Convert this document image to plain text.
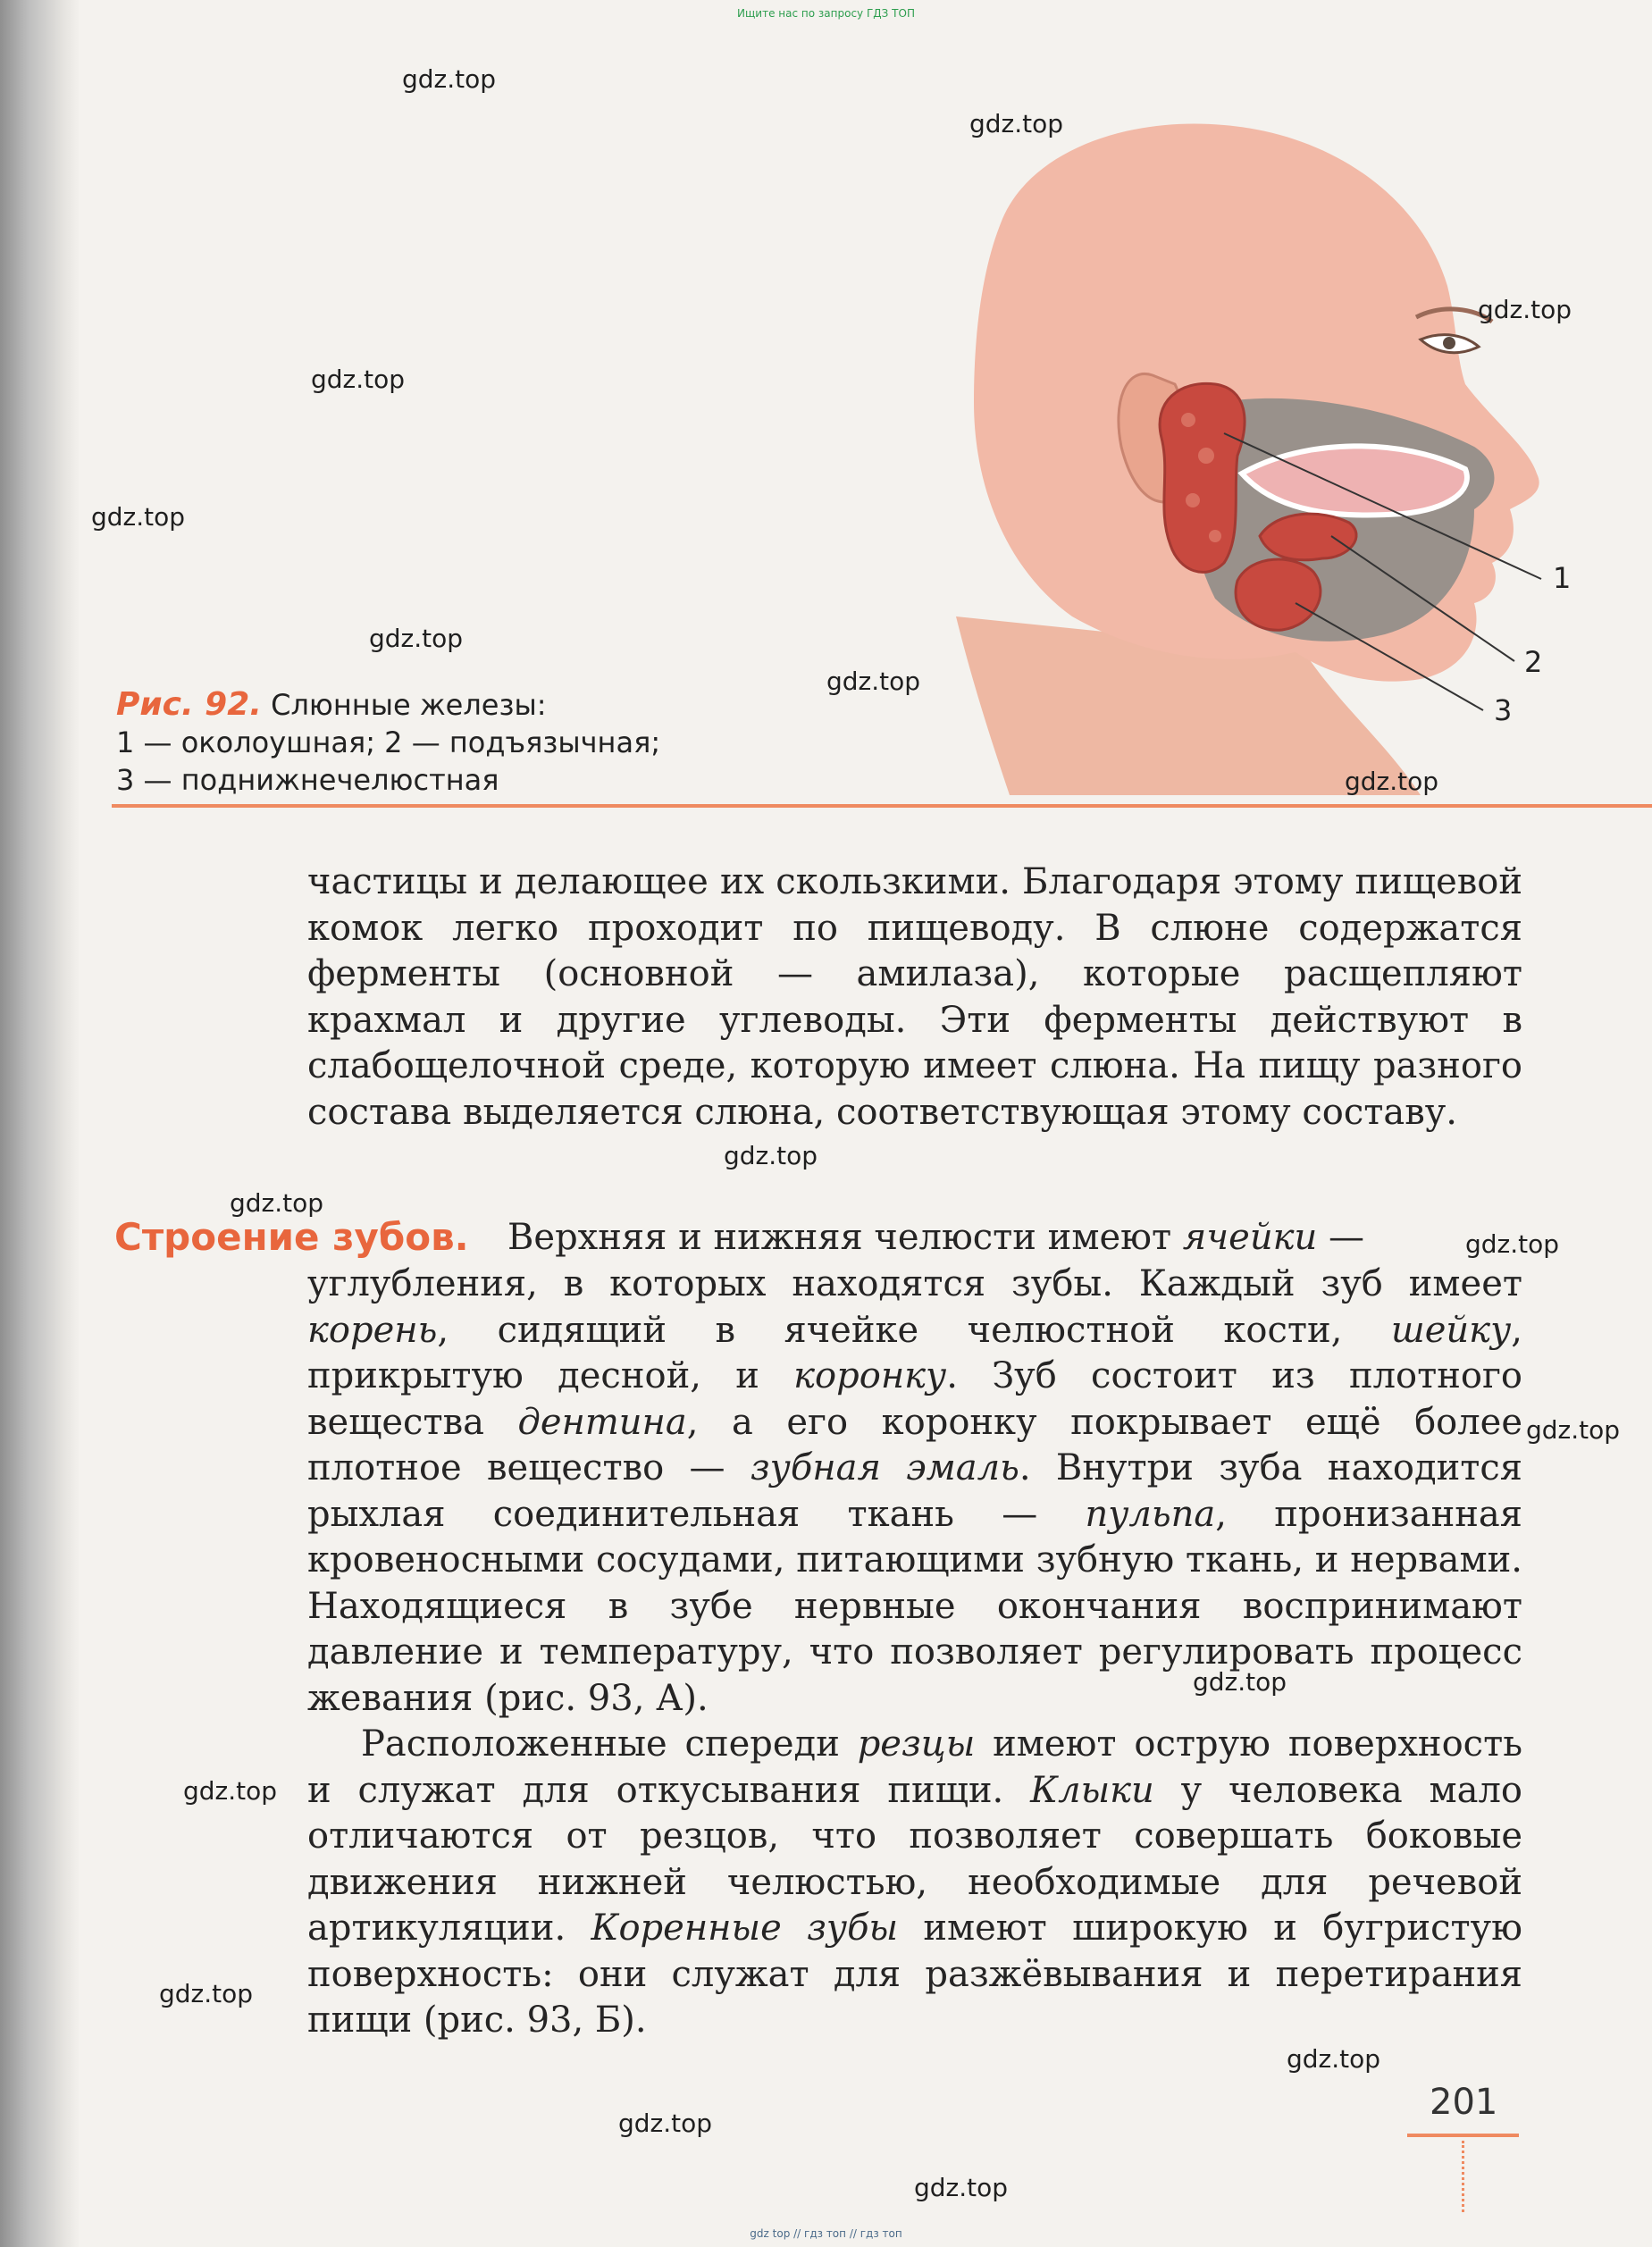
Ищите нас по запросу ГДЗ ТОП
1
2
3
Рис. 92. Слюнные железы:
1 — околоушная; 2 — подъязычная;
3 — поднижнечелюстная

частицы и делающее их скользкими. Благодаря этому пищевой комок легко проходит по пищеводу. В слюне содержатся ферменты (основной — амилаза), которые расщепляют крахмал и другие углеводы. Эти ферменты действуют в слабощелочной среде, которую имеет слюна. На пищу разного состава выделяется слюна, соответствующая этому составу.

Строение зубов. Верхняя и нижняя челюсти имеют ячейки —

углубления, в которых находятся зубы. Каждый зуб имеет корень, сидящий в ячейке челюстной кости, шейку, прикрытую десной, и коронку. Зуб состоит из плотного вещества дентина, а его коронку покрывает ещё более плотное вещество — зубная эмаль. Внутри зуба находится рыхлая соединительная ткань — пульпа, пронизанная кровеносными сосудами, питающими зубную ткань, и нервами. Находящиеся в зубе нервные окончания воспринимают давление и температуру, что позволяет регулировать процесс жевания (рис. 93, А).

Расположенные спереди резцы имеют острую поверхность и служат для откусывания пищи. Клыки у человека мало отличаются от резцов, что позволяет совершать боковые движения нижней челюстью, необходимые для речевой артикуляции. Коренные зубы имеют широкую и бугристую поверхность: они служат для разжёвывания и перетирания пищи (рис. 93, Б).

201
gdz.top
gdz.top
gdz.top
gdz.top
gdz.top
gdz.top
gdz.top
gdz.top
gdz.top
gdz.top
gdz.top
gdz.top
gdz.top
gdz.top
gdz.top
gdz.top
gdz.top
gdz.top
gdz top // гдз топ // гдз топ
